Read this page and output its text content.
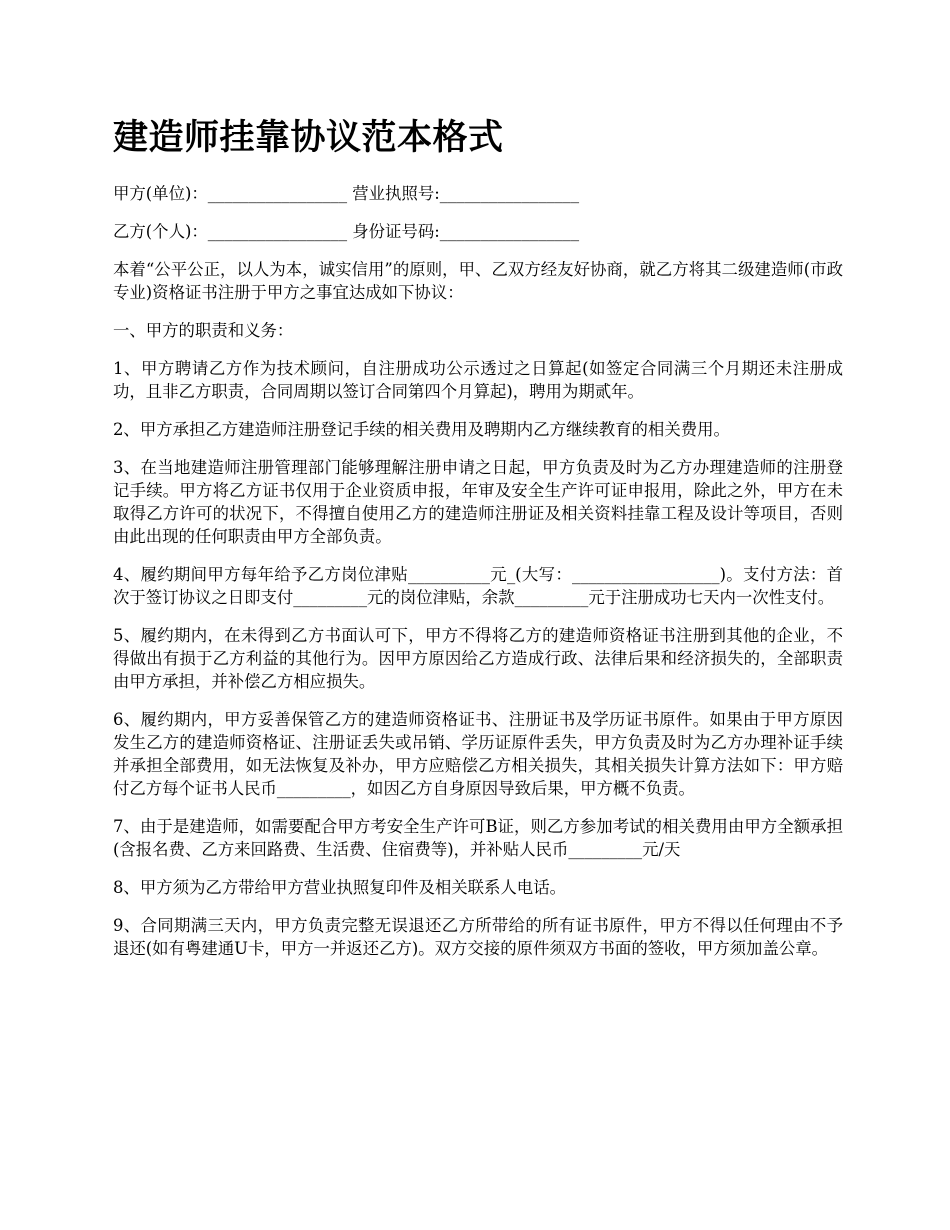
建造师挂靠协议范本格式
甲方(单位)：_________________ 营业执照号:_________________
乙方(个人)：_________________ 身份证号码:_________________

本着“公平公正，以人为本，诚实信用”的原则，甲、乙双方经友好协商，就乙方将其二级建造师(市政专业)资格证书注册于甲方之事宜达成如下协议：

一、甲方的职责和义务：

1、甲方聘请乙方作为技术顾问，自注册成功公示透过之日算起(如签定合同满三个月期还未注册成功，且非乙方职责，合同周期以签订合同第四个月算起)，聘用为期贰年。

2、甲方承担乙方建造师注册登记手续的相关费用及聘期内乙方继续教育的相关费用。

3、在当地建造师注册管理部门能够理解注册申请之日起，甲方负责及时为乙方办理建造师的注册登记手续。甲方将乙方证书仅用于企业资质申报，年审及安全生产许可证申报用，除此之外，甲方在未取得乙方许可的状况下，不得擅自使用乙方的建造师注册证及相关资料挂靠工程及设计等项目，否则由此出现的任何职责由甲方全部负责。

4、履约期间甲方每年给予乙方岗位津贴__________元_(大写：__________________)。支付方法：首次于签订协议之日即支付_________元的岗位津贴，余款_________元于注册成功七天内一次性支付。

5、履约期内，在未得到乙方书面认可下，甲方不得将乙方的建造师资格证书注册到其他的企业，不得做出有损于乙方利益的其他行为。因甲方原因给乙方造成行政、法律后果和经济损失的，全部职责由甲方承担，并补偿乙方相应损失。

6、履约期内，甲方妥善保管乙方的建造师资格证书、注册证书及学历证书原件。如果由于甲方原因发生乙方的建造师资格证、注册证丢失或吊销、学历证原件丢失，甲方负责及时为乙方办理补证手续并承担全部费用，如无法恢复及补办，甲方应赔偿乙方相关损失，其相关损失计算方法如下：甲方赔付乙方每个证书人民币_________，如因乙方自身原因导致后果，甲方概不负责。

7、由于是建造师，如需要配合甲方考安全生产许可B证，则乙方参加考试的相关费用由甲方全额承担(含报名费、乙方来回路费、生活费、住宿费等)，并补贴人民币_________元/天

8、甲方须为乙方带给甲方营业执照复印件及相关联系人电话。

9、合同期满三天内，甲方负责完整无误退还乙方所带给的所有证书原件，甲方不得以任何理由不予退还(如有粤建通U卡，甲方一并返还乙方)。双方交接的原件须双方书面的签收，甲方须加盖公章。
